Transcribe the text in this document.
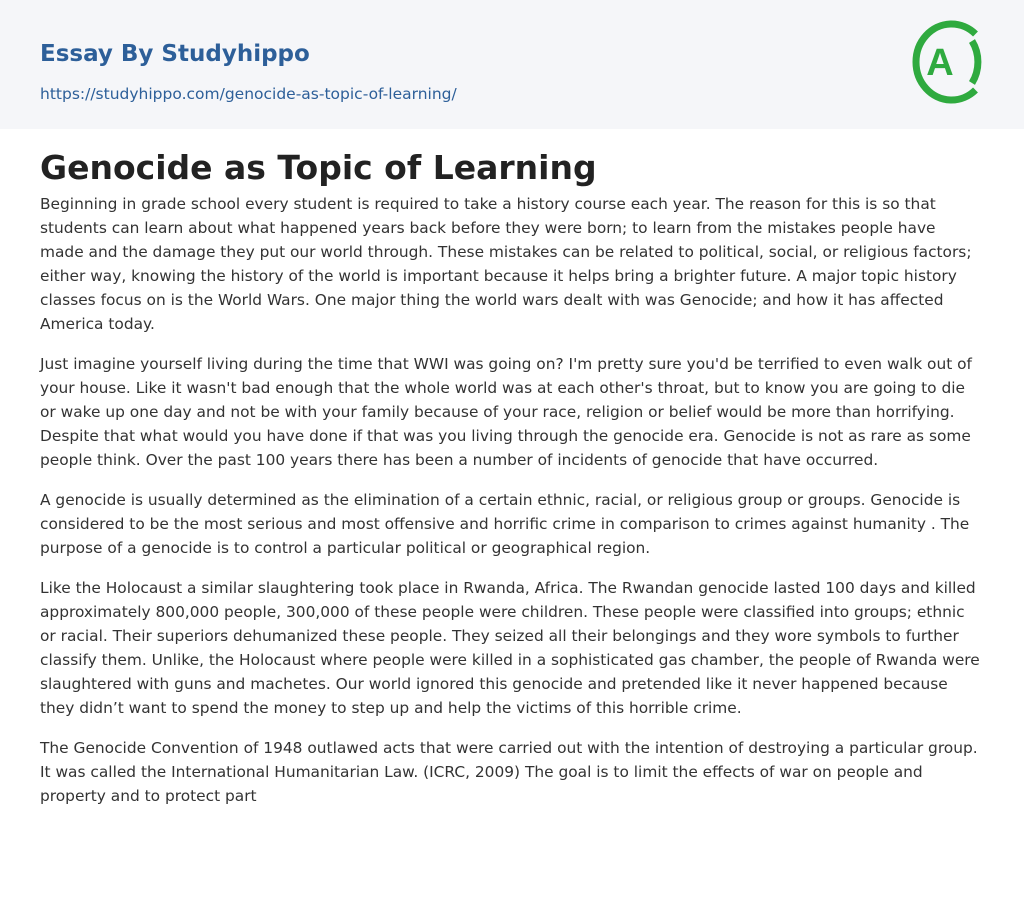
Essay By Studyhippo
https://studyhippo.com/genocide-as-topic-of-learning/
A
Genocide as Topic of Learning

Beginning in grade school every student is required to take a history course each year. The reason for this is so that students can learn about what happened years back before they were born; to learn from the mistakes people have made and the damage they put our world through. These mistakes can be related to political, social, or religious factors; either way, knowing the history of the world is important because it helps bring a brighter future. A major topic history classes focus on is the World Wars. One major thing the world wars dealt with was Genocide; and how it has affected America today.

Just imagine yourself living during the time that WWI was going on? I'm pretty sure you'd be terrified to even walk out of your house. Like it wasn't bad enough that the whole world was at each other's throat, but to know you are going to die or wake up one day and not be with your family because of your race, religion or belief would be more than horrifying. Despite that what would you have done if that was you living through the genocide era. Genocide is not as rare as some people think. Over the past 100 years there has been a number of incidents of genocide that have occurred.

A genocide is usually determined as the elimination of a certain ethnic, racial, or religious group or groups. Genocide is considered to be the most serious and most offensive and horrific crime in comparison to crimes against humanity . The purpose of a genocide is to control a particular political or geographical region.

Like the Holocaust a similar slaughtering took place in Rwanda, Africa. The Rwandan genocide lasted 100 days and killed approximately 800,000 people, 300,000 of these people were children. These people were classified into groups; ethnic or racial. Their superiors dehumanized these people. They seized all their belongings and they wore symbols to further classify them. Unlike, the Holocaust where people were killed in a sophisticated gas chamber, the people of Rwanda were slaughtered with guns and machetes. Our world ignored this genocide and pretended like it never happened because they didn’t want to spend the money to step up and help the victims of this horrible crime.

The Genocide Convention of 1948 outlawed acts that were carried out with the intention of destroying a particular group. It was called the International Humanitarian Law. (ICRC, 2009) The goal is to limit the effects of war on people and property and to protect part
